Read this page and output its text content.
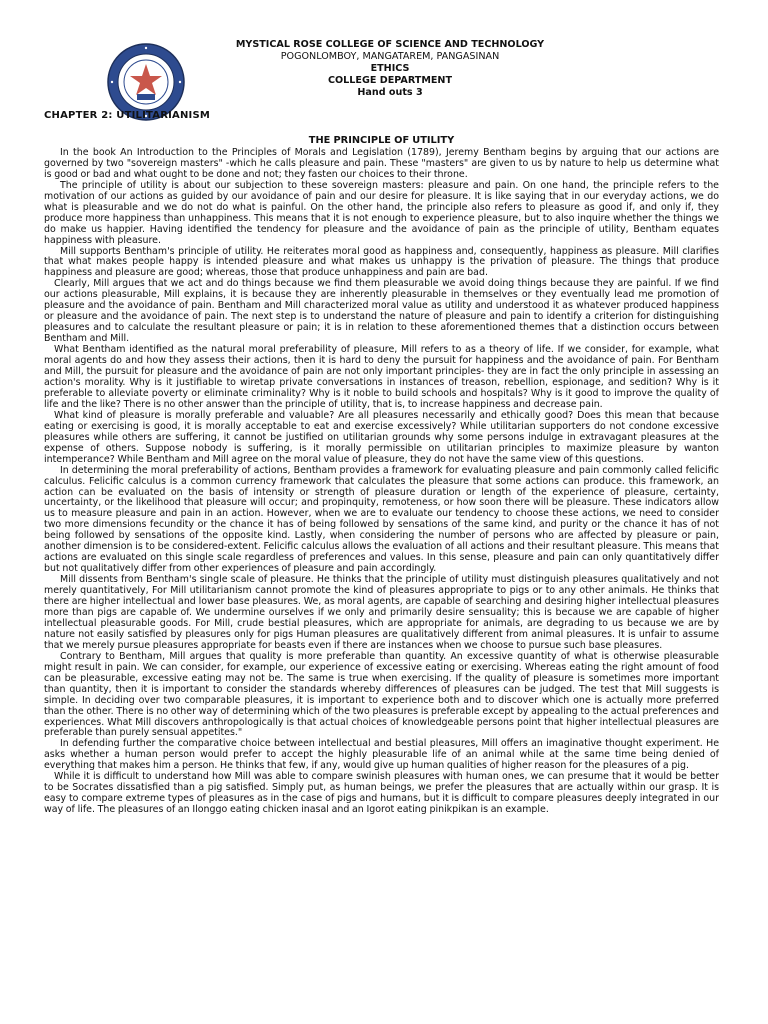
MYSTICAL ROSE COLLEGE OF SCIENCE AND TECHNOLOGY
POGONLOMBOY, MANGATAREM, PANGASINAN
ETHICS
COLLEGE DEPARTMENT
Hand outs 3
CHAPTER 2: UTILITARIANISM
THE PRINCIPLE OF UTILITY

In the book An Introduction to the Principles of Morals and Legislation (1789), Jeremy Bentham begins by arguing that our actions are governed by two "sovereign masters" -which he calls pleasure and pain. These "masters" are given to us by nature to help us determine what is good or bad and what ought to be done and not; they fasten our choices to their throne.

The principle of utility is about our subjection to these sovereign masters: pleasure and pain. On one hand, the principle refers to the motivation of our actions as guided by our avoidance of pain and our desire for pleasure. It is like saying that in our everyday actions, we do what is pleasurable and we do not do what is painful. On the other hand, the principle also refers to pleasure as good if, and only if, they produce more happiness than unhappiness. This means that it is not enough to experience pleasure, but to also inquire whether the things we do make us happier. Having identified the tendency for pleasure and the avoidance of pain as the principle of utility, Bentham equates happiness with pleasure.

Mill supports Bentham's principle of utility. He reiterates moral good as happiness and, consequently, happiness as pleasure. Mill clarifies that what makes people happy is intended pleasure and what makes us unhappy is the privation of pleasure. The things that produce happiness and pleasure are good; whereas, those that produce unhappiness and pain are bad.

Clearly, Mill argues that we act and do things because we find them pleasurable we avoid doing things because they are painful. If we find our actions pleasurable, Mill explains, it is because they are inherently pleasurable in themselves or they eventually lead me promotion of pleasure and the avoidance of pain. Bentham and Mill characterized moral value as utility and understood it as whatever produced happiness or pleasure and the avoidance of pain. The next step is to understand the nature of pleasure and pain to identify a criterion for distinguishing pleasures and to calculate the resultant pleasure or pain; it is in relation to these aforementioned themes that a distinction occurs between Bentham and Mill.

What Bentham identified as the natural moral preferability of pleasure, Mill refers to as a theory of life. If we consider, for example, what moral agents do and how they assess their actions, then it is hard to deny the pursuit for happiness and the avoidance of pain. For Bentham and Mill, the pursuit for pleasure and the avoidance of pain are not only important principles- they are in fact the only principle in assessing an action's morality. Why is it justifiable to wiretap private conversations in instances of treason, rebellion, espionage, and sedition? Why is it preferable to alleviate poverty or eliminate criminality? Why is it noble to build schools and hospitals? Why is it good to improve the quality of life and the like? There is no other answer than the principle of utility, that is, to increase happiness and decrease pain.

What kind of pleasure is morally preferable and valuable? Are all pleasures necessarily and ethically good? Does this mean that because eating or exercising is good, it is morally acceptable to eat and exercise excessively? While utilitarian supporters do not condone excessive pleasures while others are suffering, it cannot be justified on utilitarian grounds why some persons indulge in extravagant pleasures at the expense of others. Suppose nobody is suffering, is it morally permissible on utilitarian principles to maximize pleasure by wanton intemperance? While Bentham and Mill agree on the moral value of pleasure, they do not have the same view of this questions.

In determining the moral preferability of actions, Bentham provides a framework for evaluating pleasure and pain commonly called felicific calculus. Felicific calculus is a common currency framework that calculates the pleasure that some actions can produce. this framework, an action can be evaluated on the basis of intensity or strength of pleasure duration or length of the experience of pleasure, certainty, uncertainty, or the likelihood that pleasure will occur; and propinquity, remoteness, or how soon there will be pleasure. These indicators allow us to measure pleasure and pain in an action. However, when we are to evaluate our tendency to choose these actions, we need to consider two more dimensions fecundity or the chance it has of being followed by sensations of the same kind, and purity or the chance it has of not being followed by sensations of the opposite kind. Lastly, when considering the number of persons who are affected by pleasure or pain, another dimension is to be considered-extent. Felicific calculus allows the evaluation of all actions and their resultant pleasure. This means that actions are evaluated on this single scale regardless of preferences and values. In this sense, pleasure and pain can only quantitatively differ but not qualitatively differ from other experiences of pleasure and pain accordingly.

Mill dissents from Bentham's single scale of pleasure. He thinks that the principle of utility must distinguish pleasures qualitatively and not merely quantitatively, For Mill utilitarianism cannot promote the kind of pleasures appropriate to pigs or to any other animals. He thinks that there are higher intellectual and lower base pleasures. We, as moral agents, are capable of searching and desiring higher intellectual pleasures more than pigs are capable of. We undermine ourselves if we only and primarily desire sensuality; this is because we are capable of higher intellectual pleasurable goods. For Mill, crude bestial pleasures, which are appropriate for animals, are degrading to us because we are by nature not easily satisfied by pleasures only for pigs Human pleasures are qualitatively different from animal pleasures. It is unfair to assume that we merely pursue pleasures appropriate for beasts even if there are instances when we choose to pursue such base pleasures.

Contrary to Bentham, Mill argues that quality is more preferable than quantity. An excessive quantity of what is otherwise pleasurable might result in pain. We can consider, for example, our experience of excessive eating or exercising. Whereas eating the right amount of food can be pleasurable, excessive eating may not be. The same is true when exercising. If the quality of pleasure is sometimes more important than quantity, then it is important to consider the standards whereby differences of pleasures can be judged. The test that Mill suggests is simple. In deciding over two comparable pleasures, it is important to experience both and to discover which one is actually more preferred than the other. There is no other way of determining which of the two pleasures is preferable except by appealing to the actual preferences and experiences. What Mill discovers anthropologically is that actual choices of knowledgeable persons point that higher intellectual pleasures are preferable than purely sensual appetites."

In defending further the comparative choice between intellectual and bestial pleasures, Mill offers an imaginative thought experiment. He asks whether a human person would prefer to accept the highly pleasurable life of an animal while at the same time being denied of everything that makes him a person. He thinks that few, if any, would give up human qualities of higher reason for the pleasures of a pig.

While it is difficult to understand how Mill was able to compare swinish pleasures with human ones, we can presume that it would be better to be Socrates dissatisfied than a pig satisfied. Simply put, as human beings, we prefer the pleasures that are actually within our grasp. It is easy to compare extreme types of pleasures as in the case of pigs and humans, but it is difficult to compare pleasures deeply integrated in our way of life. The pleasures of an Ilonggo eating chicken inasal and an Igorot eating pinikpikan is an example.
